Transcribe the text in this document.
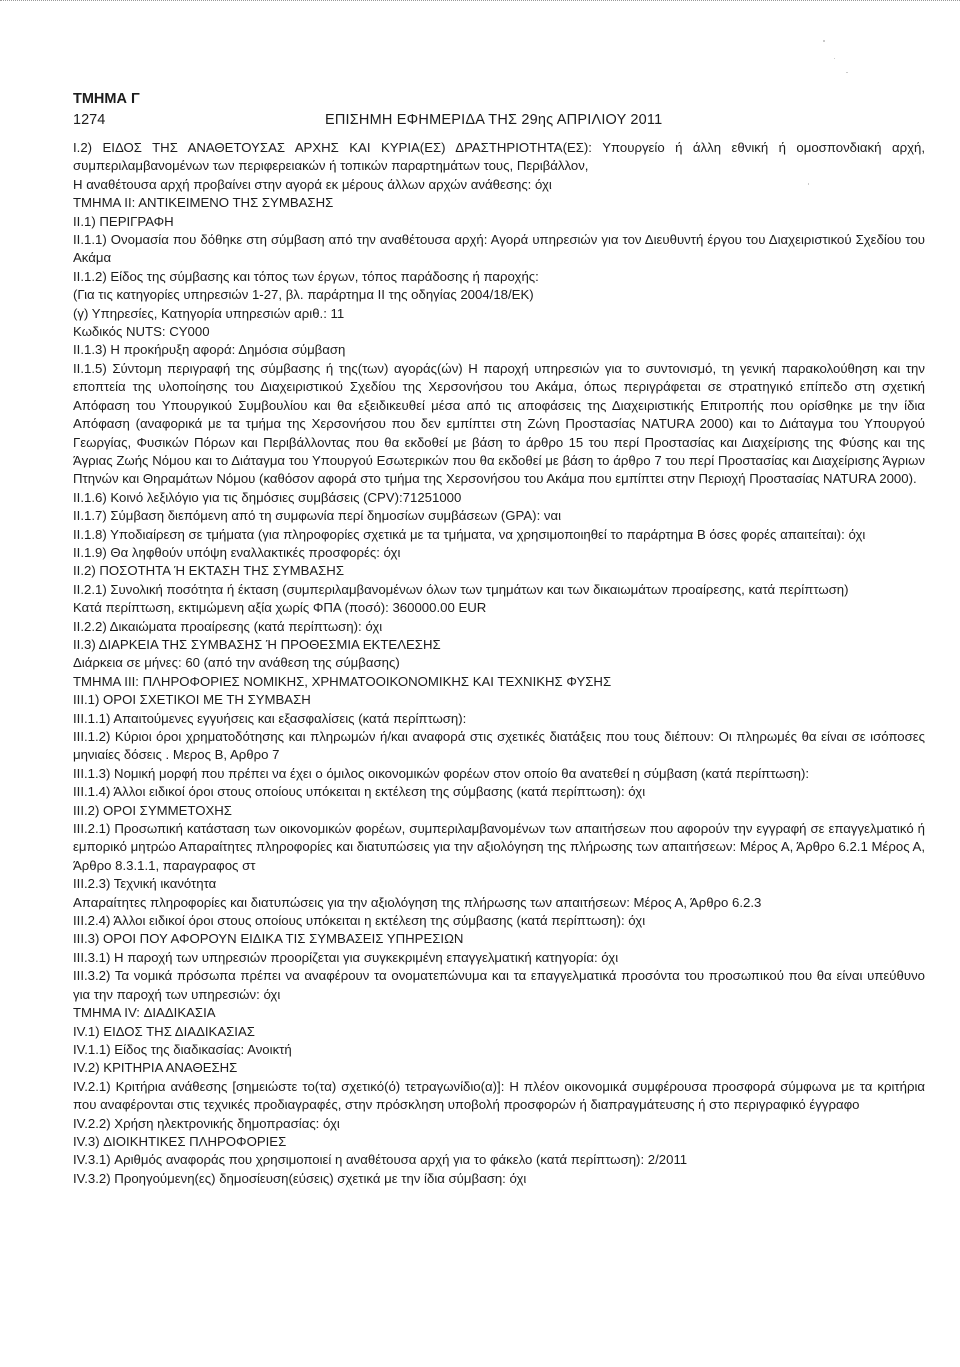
ΤΜΗΜΑ Γ
1274	ΕΠΙΣΗΜΗ ΕΦΗΜΕΡΙΔΑ ΤΗΣ 29ης ΑΠΡΙΛΙΟΥ 2011

I.2) ΕΙΔΟΣ ΤΗΣ ΑΝΑΘΕΤΟΥΣΑΣ ΑΡΧΗΣ ΚΑΙ ΚΥΡΙΑ(ΕΣ) ΔΡΑΣΤΗΡΙΟΤΗΤΑ(ΕΣ): Υπουργείο ή άλλη εθνική ή ομοσπονδιακή αρχή, συμπεριλαμβανομένων των περιφερειακών ή τοπικών παραρτημάτων τους, Περιβάλλον,

Η αναθέτουσα αρχή προβαίνει στην αγορά εκ μέρους άλλων αρχών ανάθεσης: όχι

ΤΜΗΜΑ ΙΙ: ΑΝΤΙΚΕΙΜΕΝΟ ΤΗΣ ΣΥΜΒΑΣΗΣ

ΙΙ.1) ΠΕΡΙΓΡΑΦΗ

ΙΙ.1.1) Ονομασία που δόθηκε στη σύμβαση από την αναθέτουσα αρχή: Αγορά υπηρεσιών για τον Διευθυντή έργου του Διαχειριστικού Σχεδίου του Ακάμα

ΙΙ.1.2) Είδος της σύμβασης και τόπος των έργων, τόπος παράδοσης ή παροχής:

(Για τις κατηγορίες υπηρεσιών 1-27, βλ. παράρτημα ΙΙ της οδηγίας 2004/18/ΕΚ)

(γ) Υπηρεσίες, Κατηγορία υπηρεσιών αριθ.: 11

Κωδικός NUTS: CY000

ΙΙ.1.3) Η προκήρυξη αφορά: Δημόσια σύμβαση

ΙΙ.1.5) Σύντομη περιγραφή της σύμβασης ή της(των) αγοράς(ών) Η παροχή υπηρεσιών για το συντονισμό, τη γενική παρακολούθηση και την εποπτεία της υλοποίησης του Διαχειριστικού Σχεδίου της Χερσονήσου του Ακάμα, όπως περιγράφεται σε στρατηγικό επίπεδο στη σχετική Απόφαση του Υπουργικού Συμβουλίου και θα εξειδικευθεί μέσα από τις αποφάσεις της Διαχειριστικής Επιτροπής που ορίσθηκε με την ίδια Απόφαση (αναφορικά με τα τμήμα της Χερσονήσου που δεν εμπίπτει στη Ζώνη Προστασίας NATURA 2000) και το Διάταγμα του Υπουργού Γεωργίας, Φυσικών Πόρων και Περιβάλλοντας που θα εκδοθεί με βάση το άρθρο 15 του περί Προστασίας και Διαχείρισης της Φύσης και της Άγριας Ζωής Νόμου και το Διάταγμα του Υπουργού Εσωτερικών που θα εκδοθεί με βάση το άρθρο 7 του περί Προστασίας και Διαχείρισης Άγριων Πτηνών και Θηραμάτων Νόμου (καθόσον αφορά στο τμήμα της Χερσονήσου του Ακάμα που εμπίπτει στην Περιοχή Προστασίας NATURA 2000).

ΙΙ.1.6) Κοινό λεξιλόγιο για τις δημόσιες συμβάσεις (CPV):71251000

ΙΙ.1.7) Σύμβαση διεπόμενη από τη συμφωνία περί δημοσίων συμβάσεων (GPA): ναι

ΙΙ.1.8) Υποδιαίρεση σε τμήματα (για πληροφορίες σχετικά με τα τμήματα, να χρησιμοποιηθεί το παράρτημα Β όσες φορές απαιτείται): όχι

ΙΙ.1.9) Θα ληφθούν υπόψη εναλλακτικές προσφορές: όχι

ΙΙ.2) ΠΟΣΟΤΗΤΑ Ή ΕΚΤΑΣΗ ΤΗΣ ΣΥΜΒΑΣΗΣ

ΙΙ.2.1) Συνολική ποσότητα ή έκταση (συμπεριλαμβανομένων όλων των τμημάτων και των δικαιωμάτων προαίρεσης, κατά περίπτωση)

Κατά περίπτωση, εκτιμώμενη αξία χωρίς ΦΠΑ (ποσό): 360000.00 EUR

ΙΙ.2.2) Δικαιώματα προαίρεσης (κατά περίπτωση): όχι

ΙΙ.3) ΔΙΑΡΚΕΙΑ ΤΗΣ ΣΥΜΒΑΣΗΣ Ή ΠΡΟΘΕΣΜΙΑ ΕΚΤΕΛΕΣΗΣ

Διάρκεια σε μήνες: 60 (από την ανάθεση της σύμβασης)

ΤΜΗΜΑ ΙΙΙ: ΠΛΗΡΟΦΟΡΙΕΣ ΝΟΜΙΚΗΣ, ΧΡΗΜΑΤΟΟΙΚΟΝΟΜΙΚΗΣ ΚΑΙ ΤΕΧΝΙΚΗΣ ΦΥΣΗΣ

ΙΙΙ.1) ΟΡΟΙ ΣΧΕΤΙΚΟΙ ΜΕ ΤΗ ΣΥΜΒΑΣΗ

ΙΙΙ.1.1) Απαιτούμενες εγγυήσεις και εξασφαλίσεις (κατά περίπτωση):

ΙΙΙ.1.2) Κύριοι όροι χρηματοδότησης και πληρωμών ή/και αναφορά στις σχετικές διατάξεις που τους διέπουν: Οι πληρωμές θα είναι σε ισόποσες μηνιαίες δόσεις . Μερος Β, Αρθρο 7

ΙΙΙ.1.3) Νομική μορφή που πρέπει να έχει ο όμιλος οικονομικών φορέων στον οποίο θα ανατεθεί η σύμβαση (κατά περίπτωση):

ΙΙΙ.1.4) Άλλοι ειδικοί όροι στους οποίους υπόκειται η εκτέλεση της σύμβασης (κατά περίπτωση): όχι

ΙΙΙ.2) ΟΡΟΙ ΣΥΜΜΕΤΟΧΗΣ

ΙΙΙ.2.1) Προσωπική κατάσταση των οικονομικών φορέων, συμπεριλαμβανομένων των απαιτήσεων που αφορούν την εγγραφή σε επαγγελματικό ή εμπορικό μητρώο Απαραίτητες πληροφορίες και διατυπώσεις για την αξιολόγηση της πλήρωσης των απαιτήσεων: Μέρος Α, Άρθρο 6.2.1 Μέρος Α, Άρθρο 8.3.1.1, παραγραφος στ

ΙΙΙ.2.3) Τεχνική ικανότητα

Απαραίτητες πληροφορίες και διατυπώσεις για την αξιολόγηση της πλήρωσης των απαιτήσεων: Μέρος Α, Άρθρο 6.2.3

ΙΙΙ.2.4) Άλλοι ειδικοί όροι στους οποίους υπόκειται η εκτέλεση της σύμβασης (κατά περίπτωση): όχι

ΙΙΙ.3) ΟΡΟΙ ΠΟΥ ΑΦΟΡΟΥΝ ΕΙΔΙΚΑ ΤΙΣ ΣΥΜΒΑΣΕΙΣ ΥΠΗΡΕΣΙΩΝ

ΙΙΙ.3.1) Η παροχή των υπηρεσιών προορίζεται για συγκεκριμένη επαγγελματική κατηγορία: όχι

ΙΙΙ.3.2) Τα νομικά πρόσωπα πρέπει να αναφέρουν τα ονοματεπώνυμα και τα επαγγελματικά προσόντα του προσωπικού που θα είναι υπεύθυνο για την παροχή των υπηρεσιών: όχι

ΤΜΗΜΑ IV: ΔΙΑΔΙΚΑΣΙΑ

IV.1) ΕΙΔΟΣ ΤΗΣ ΔΙΑΔΙΚΑΣΙΑΣ

IV.1.1) Είδος της διαδικασίας: Ανοικτή

IV.2) ΚΡΙΤΗΡΙΑ ΑΝΑΘΕΣΗΣ

IV.2.1) Κριτήρια ανάθεσης [σημειώστε το(τα) σχετικό(ό) τετραγωνίδιο(α)]: Η πλέον οικονομικά συμφέρουσα προσφορά σύμφωνα με τα κριτήρια που αναφέρονται στις τεχνικές προδιαγραφές, στην πρόσκληση υποβολή προσφορών ή διαπραγμάτευσης ή στο περιγραφικό έγγραφο

IV.2.2) Χρήση ηλεκτρονικής δημοπρασίας: όχι

IV.3) ΔΙΟΙΚΗΤΙΚΕΣ ΠΛΗΡΟΦΟΡΙΕΣ

IV.3.1) Αριθμός αναφοράς που χρησιμοποιεί η αναθέτουσα αρχή για το φάκελο (κατά περίπτωση): 2/2011

IV.3.2) Προηγούμενη(ες) δημοσίευση(εύσεις) σχετικά με την ίδια σύμβαση: όχι
